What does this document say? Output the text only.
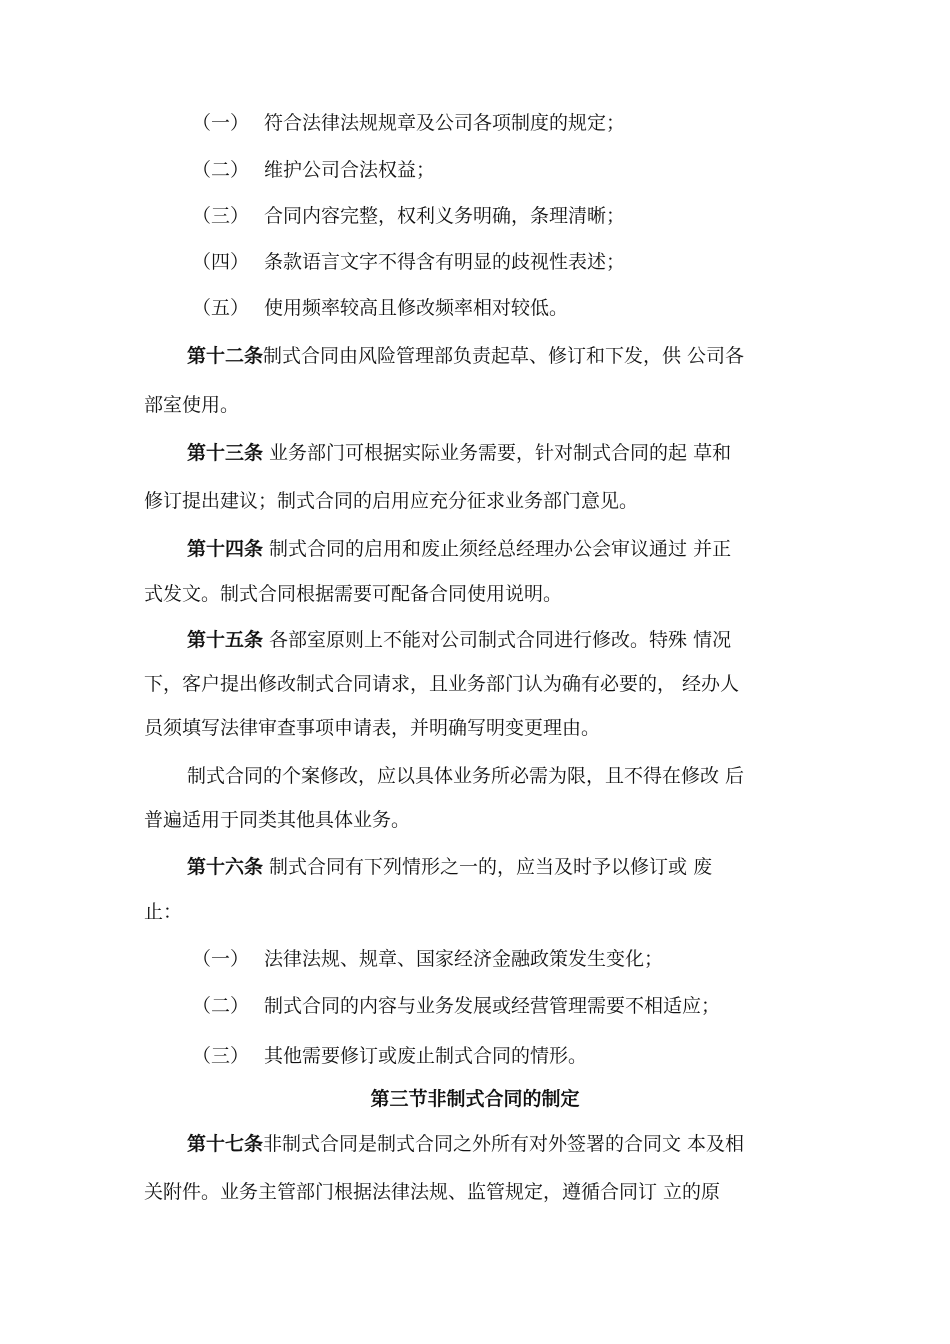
（一） 符合法律法规规章及公司各项制度的规定；
（二） 维护公司合法权益；
（三） 合同内容完整，权利义务明确，条理清晰；
（四） 条款语言文字不得含有明显的歧视性表述；
（五） 使用频率较高且修改频率相对较低。
第十二条制式合同由风险管理部负责起草、修订和下发，供 公司各
部室使用。
第十三条 业务部门可根据实际业务需要，针对制式合同的起 草和
修订提出建议；制式合同的启用应充分征求业务部门意见。
第十四条 制式合同的启用和废止须经总经理办公会审议通过 并正
式发文。制式合同根据需要可配备合同使用说明。
第十五条 各部室原则上不能对公司制式合同进行修改。特殊 情况
下，客户提出修改制式合同请求，且业务部门认为确有必要的， 经办人
员须填写法律审查事项申请表，并明确写明变更理由。
制式合同的个案修改，应以具体业务所必需为限，且不得在修改 后
普遍适用于同类其他具体业务。
第十六条 制式合同有下列情形之一的，应当及时予以修订或 废
止：
（一） 法律法规、规章、国家经济金融政策发生变化；
（二） 制式合同的内容与业务发展或经营管理需要不相适应；
（三） 其他需要修订或废止制式合同的情形。
第三节非制式合同的制定
第十七条非制式合同是制式合同之外所有对外签署的合同文 本及相
关附件。业务主管部门根据法律法规、监管规定，遵循合同订 立的原
